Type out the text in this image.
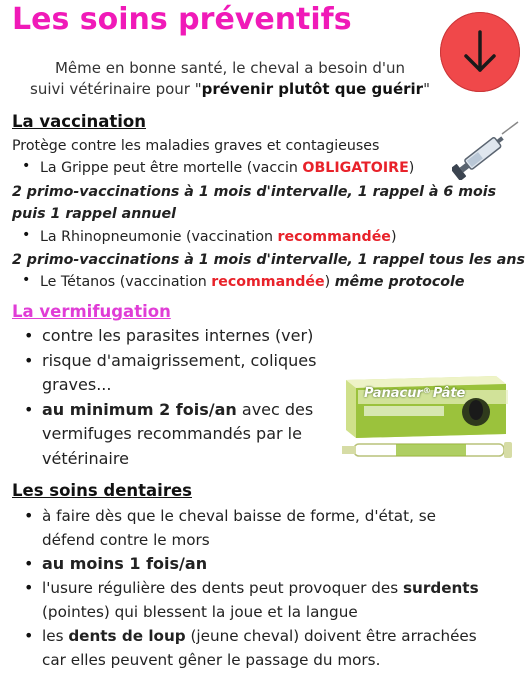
Les soins préventifs
Même en bonne santé, le cheval a besoin d'un
suivi vétérinaire pour "prévenir plutôt que guérir"
La vaccination
Protège contre les maladies graves et contagieuses
• La Grippe peut être mortelle (vaccin OBLIGATOIRE)
2 primo-vaccinations à 1 mois d'intervalle, 1 rappel à 6 mois
puis 1 rappel annuel
• La Rhinopneumonie (vaccination recommandée)
2 primo-vaccinations à 1 mois d'intervalle, 1 rappel tous les ans
• Le Tétanos (vaccination recommandée) même protocole
La vermifugation
• contre les parasites internes (ver)
• risque d'amaigrissement, coliques
graves...
• au minimum 2 fois/an avec des
vermifuges recommandés par le
vétérinaire
Panacur® Pâte
Les soins dentaires
• à faire dès que le cheval baisse de forme, d'état, se
défend contre le mors
• au moins 1 fois/an
• l'usure régulière des dents peut provoquer des surdents
(pointes) qui blessent la joue et la langue
• les dents de loup (jeune cheval) doivent être arrachées
car elles peuvent gêner le passage du mors.
